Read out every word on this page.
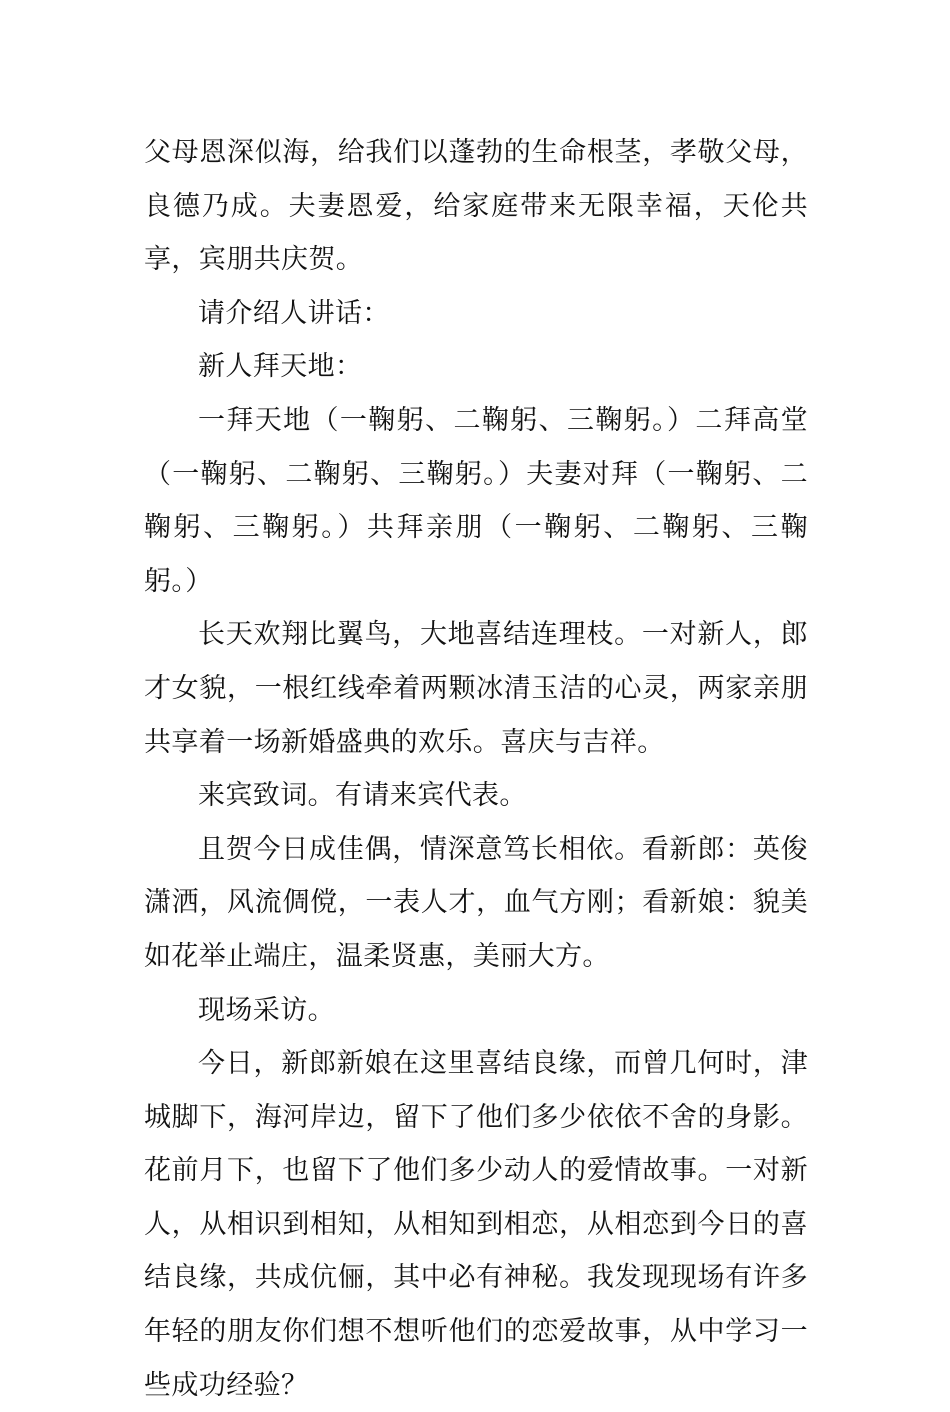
父母恩深似海，给我们以蓬勃的生命根茎，孝敬父母，良德乃成。夫妻恩爱，给家庭带来无限幸福，天伦共享，宾朋共庆贺。

请介绍人讲话：

新人拜天地：

一拜天地（一鞠躬、二鞠躬、三鞠躬。）二拜高堂（一鞠躬、二鞠躬、三鞠躬。）夫妻对拜（一鞠躬、二鞠躬、三鞠躬。）共拜亲朋（一鞠躬、二鞠躬、三鞠躬。）

长天欢翔比翼鸟，大地喜结连理枝。一对新人，郎才女貌，一根红线牵着两颗冰清玉洁的心灵，两家亲朋共享着一场新婚盛典的欢乐。喜庆与吉祥。

来宾致词。有请来宾代表。

且贺今日成佳偶，情深意笃长相依。看新郎：英俊潇洒，风流倜傥，一表人才，血气方刚；看新娘：貌美如花举止端庄，温柔贤惠，美丽大方。

现场采访。

今日，新郎新娘在这里喜结良缘，而曾几何时，津城脚下，海河岸边，留下了他们多少依依不舍的身影。花前月下，也留下了他们多少动人的爱情故事。一对新人，从相识到相知，从相知到相恋，从相恋到今日的喜结良缘，共成伉俪，其中必有神秘。我发现现场有许多年轻的朋友你们想不想听他们的恋爱故事，从中学习一些成功经验？
